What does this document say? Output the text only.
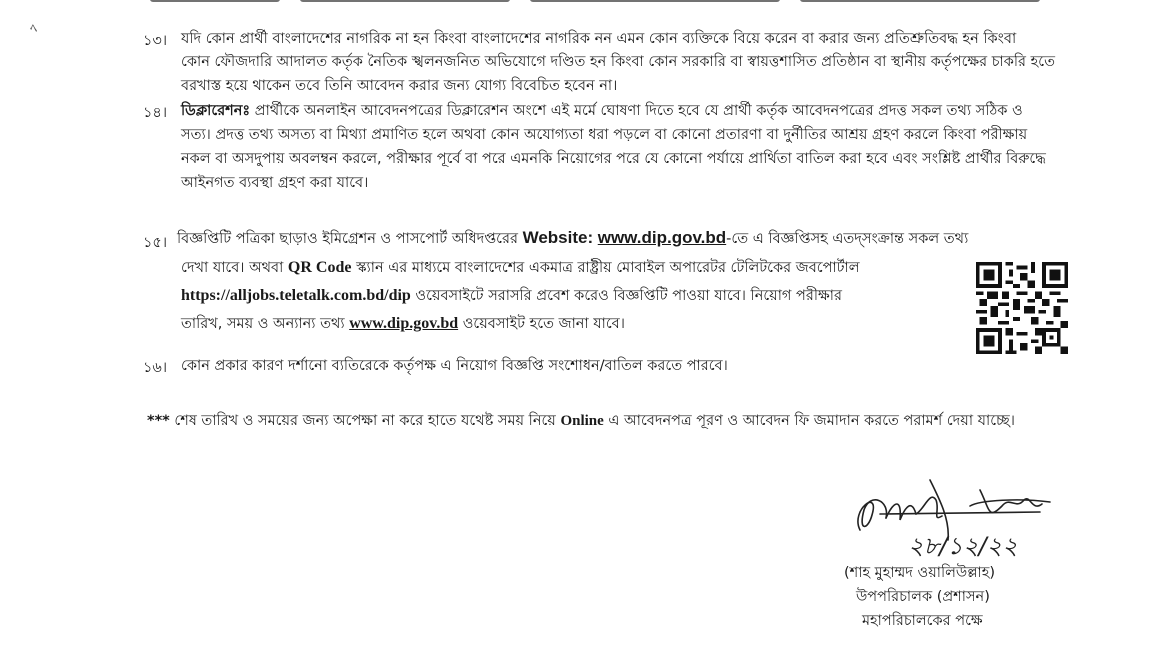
ﾍ
১৩। যদি কোন প্রার্থী বাংলাদেশের নাগরিক না হন কিংবা বাংলাদেশের নাগরিক নন এমন কোন ব্যক্তিকে বিয়ে করেন বা করার জন্য প্রতিশ্রুতিবদ্ধ হন কিংবা
কোন ফৌজদারি আদালত কর্তৃক নৈতিক স্খলনজনিত অভিযোগে দণ্ডিত হন কিংবা কোন সরকারি বা স্বায়ত্তশাসিত প্রতিষ্ঠান বা স্থানীয় কর্তৃপক্ষের চাকরি হতে
বরখাস্ত হয়ে থাকেন তবে তিনি আবেদন করার জন্য যোগ্য বিবেচিত হবেন না।
১৪। ডিক্লারেশনঃ প্রার্থীকে অনলাইন আবেদনপত্রের ডিক্লারেশন অংশে এই মর্মে ঘোষণা দিতে হবে যে প্রার্থী কর্তৃক আবেদনপত্রের প্রদত্ত সকল তথ্য সঠিক ও
সত্য। প্রদত্ত তথ্য অসত্য বা মিথ্যা প্রমাণিত হলে অথবা কোন অযোগ্যতা ধরা পড়লে বা কোনো প্রতারণা বা দুর্নীতির আশ্রয় গ্রহণ করলে কিংবা পরীক্ষায়
নকল বা অসদুপায় অবলম্বন করলে, পরীক্ষার পূর্বে বা পরে এমনকি নিয়োগের পরে যে কোনো পর্যায়ে প্রার্থিতা বাতিল করা হবে এবং সংশ্লিষ্ট প্রার্থীর বিরুদ্ধে
আইনগত ব্যবস্থা গ্রহণ করা যাবে।
১৫। বিজ্ঞপ্তিটি পত্রিকা ছাড়াও ইমিগ্রেশন ও পাসপোর্ট অধিদপ্তরের Website: www.dip.gov.bd-তে এ বিজ্ঞপ্তিসহ এতদ্সংক্রান্ত সকল তথ্য
দেখা যাবে। অথবা QR Code স্ক্যান এর মাধ্যমে বাংলাদেশের একমাত্র রাষ্ট্রীয় মোবাইল অপারেটর টেলিটকের জবপোর্টাল
https://alljobs.teletalk.com.bd/dip ওয়েবসাইটে সরাসরি প্রবেশ করেও বিজ্ঞপ্তিটি পাওয়া যাবে। নিয়োগ পরীক্ষার
তারিখ, সময় ও অন্যান্য তথ্য www.dip.gov.bd ওয়েবসাইট হতে জানা যাবে।
১৬। কোন প্রকার কারণ দর্শানো ব্যতিরেকে কর্তৃপক্ষ এ নিয়োগ বিজ্ঞপ্তি সংশোধন/বাতিল করতে পারবে।
*** শেষ তারিখ ও সময়ের জন্য অপেক্ষা না করে হাতে যথেষ্ট সময় নিয়ে Online এ আবেদনপত্র পূরণ ও আবেদন ফি জমাদান করতে পরামর্শ দেয়া যাচ্ছে।
২৮/১২/২২
(শাহ মুহাম্মদ ওয়ালিউল্লাহ)
উপপরিচালক (প্রশাসন)
মহাপরিচালকের পক্ষে
